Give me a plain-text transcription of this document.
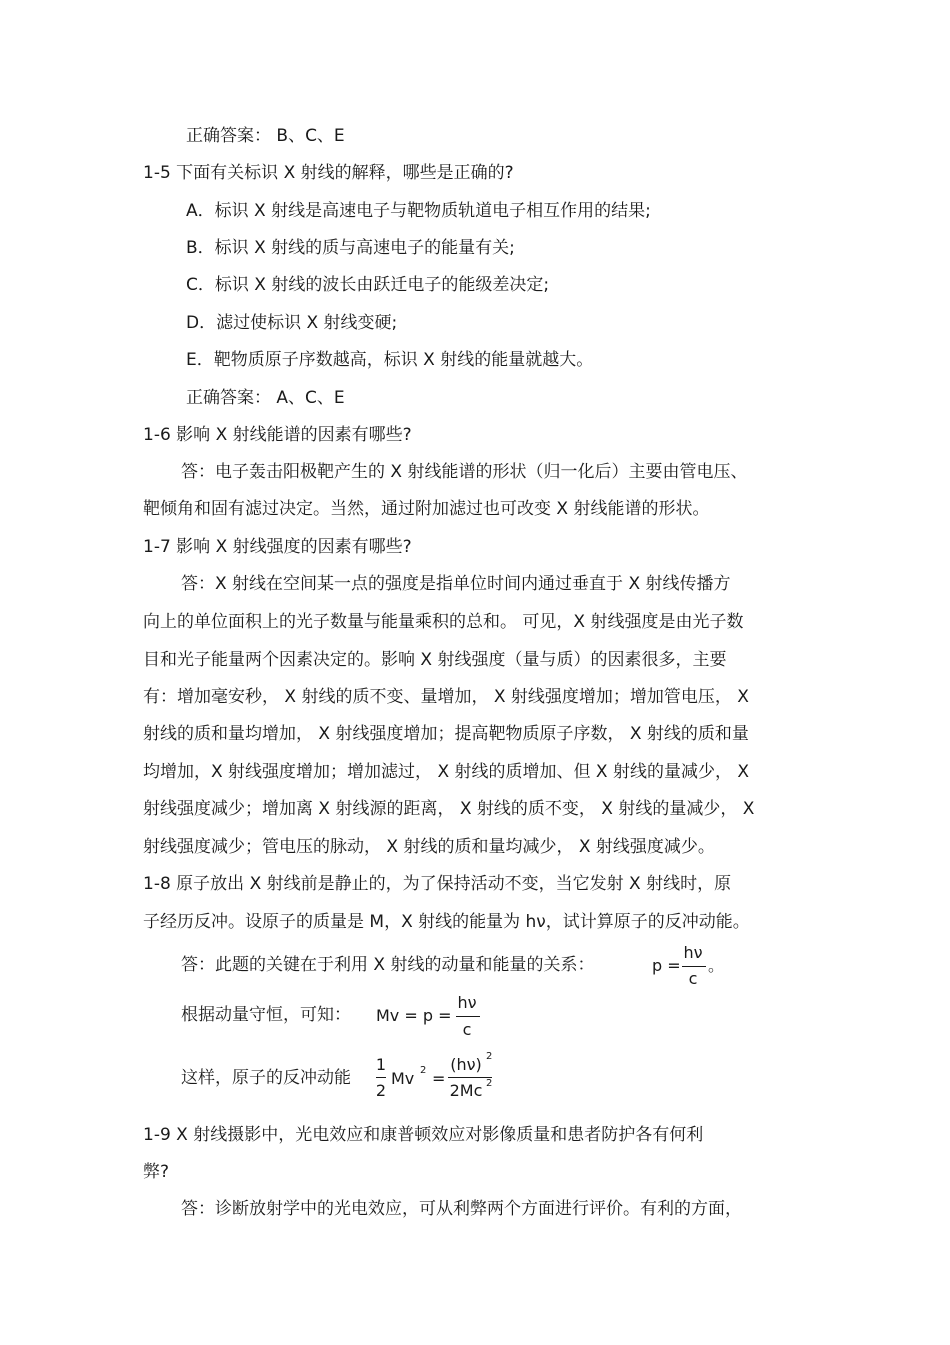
正确答案： B、C、E
1-5 下面有关标识 X 射线的解释，哪些是正确的?
A．标识 X 射线是高速电子与靶物质轨道电子相互作用的结果;
B．标识 X 射线的质与高速电子的能量有关;
C．标识 X 射线的波长由跃迁电子的能级差决定;
D．滤过使标识 X 射线变硬;
E．靶物质原子序数越高，标识 X 射线的能量就越大。
正确答案： A、C、E
1-6 影响 X 射线能谱的因素有哪些?
答：电子轰击阳极靶产生的 X 射线能谱的形状（归一化后）主要由管电压、
靶倾角和固有滤过决定。当然，通过附加滤过也可改变 X 射线能谱的形状。
1-7 影响 X 射线强度的因素有哪些?
答：X 射线在空间某一点的强度是指单位时间内通过垂直于 X 射线传播方
向上的单位面积上的光子数量与能量乘积的总和。 可见，X 射线强度是由光子数
目和光子能量两个因素决定的。影响 X 射线强度（量与质）的因素很多，主要
有：增加毫安秒， X 射线的质不变、量增加， X 射线强度增加；增加管电压， X
射线的质和量均增加， X 射线强度增加；提高靶物质原子序数， X 射线的质和量
均增加，X 射线强度增加；增加滤过， X 射线的质增加、但 X 射线的量减少， X
射线强度减少；增加离 X 射线源的距离， X 射线的质不变， X 射线的量减少， X
射线强度减少；管电压的脉动， X 射线的质和量均减少， X 射线强度减少。
1-8 原子放出 X 射线前是静止的，为了保持活动不变，当它发射 X 射线时，原
子经历反冲。设原子的质量是 M，X 射线的能量为 hν，试计算原子的反冲动能。
答：此题的关键在于利用 X 射线的动量和能量的关系：	p =
hν
c
。
根据动量守恒，可知： Mv = p =
hν
c
这样，原子的反冲动能
1
2
Mv 2 =
(hν) 2
2Mc 2
1-9 X 射线摄影中，光电效应和康普顿效应对影像质量和患者防护各有何利
弊?
答：诊断放射学中的光电效应，可从利弊两个方面进行评价。有利的方面，
